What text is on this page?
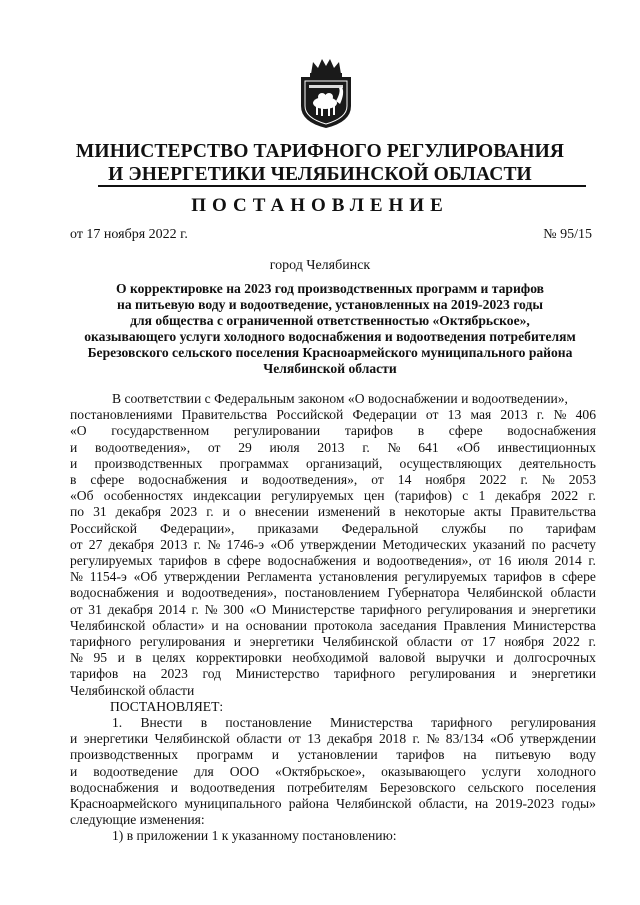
МИНИСТЕРСТВО ТАРИФНОГО РЕГУЛИРОВАНИЯ
И ЭНЕРГЕТИКИ ЧЕЛЯБИНСКОЙ ОБЛАСТИ
ПОСТАНОВЛЕНИЕ
от 17 ноября 2022 г.	№ 95/15
город Челябинск
О корректировке на 2023 год производственных программ и тарифов
на питьевую воду и водоотведение, установленных на 2019-2023 годы
для общества с ограниченной ответственностью «Октябрьское»,
оказывающего услуги холодного водоснабжения и водоотведения потребителям
Березовского сельского поселения Красноармейского муниципального района
Челябинской области
В соответствии с Федеральным законом «О водоснабжении и водоотведении»,
постановлениями Правительства Российской Федерации от 13 мая 2013 г. № 406
«О государственном регулировании тарифов в сфере водоснабжения
и водоотведения», от 29 июля 2013 г. № 641 «Об инвестиционных
и производственных программах организаций, осуществляющих деятельность
в сфере водоснабжения и водоотведения», от 14 ноября 2022 г. № 2053
«Об особенностях индексации регулируемых цен (тарифов) с 1 декабря 2022 г.
по 31 декабря 2023 г. и о внесении изменений в некоторые акты Правительства
Российской Федерации», приказами Федеральной службы по тарифам
от 27 декабря 2013 г. № 1746-э «Об утверждении Методических указаний по расчету
регулируемых тарифов в сфере водоснабжения и водоотведения», от 16 июля 2014 г.
№ 1154-э «Об утверждении Регламента установления регулируемых тарифов в сфере
водоснабжения и водоотведения», постановлением Губернатора Челябинской области
от 31 декабря 2014 г. № 300 «О Министерстве тарифного регулирования и энергетики
Челябинской области» и на основании протокола заседания Правления Министерства
тарифного регулирования и энергетики Челябинской области от 17 ноября 2022 г.
№ 95 и в целях корректировки необходимой валовой выручки и долгосрочных
тарифов на 2023 год Министерство тарифного регулирования и энергетики
Челябинской области
ПОСТАНОВЛЯЕТ:
1. Внести в постановление Министерства тарифного регулирования
и энергетики Челябинской области от 13 декабря 2018 г. № 83/134 «Об утверждении
производственных программ и установлении тарифов на питьевую воду
и водоотведение для ООО «Октябрьское», оказывающего услуги холодного
водоснабжения и водоотведения потребителям Березовского сельского поселения
Красноармейского муниципального района Челябинской области, на 2019-2023 годы»
следующие изменения:
1) в приложении 1 к указанному постановлению:
